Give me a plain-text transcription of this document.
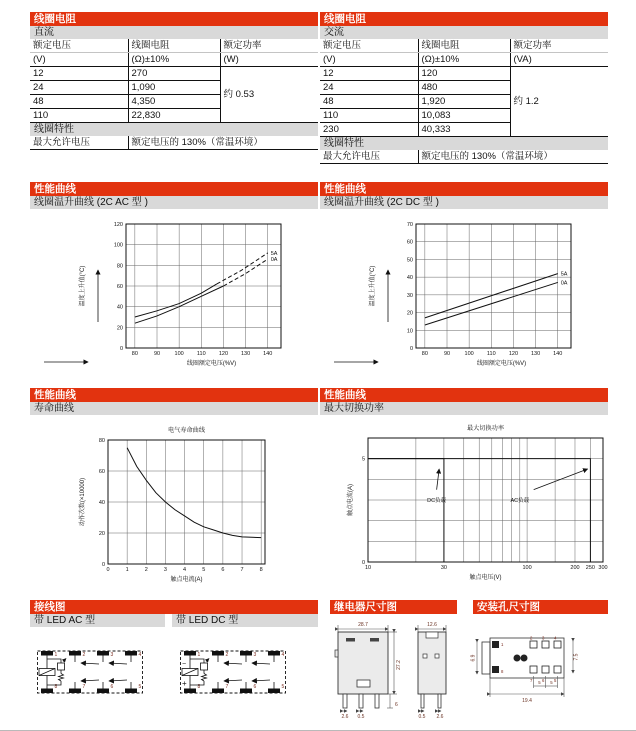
线圈电阻
直流
额定电压	线圈电阻	额定功率
(V)	(Ω)±10%	(W)
12	270	约 0.53
24	1,090	
48	4,350	
110	22,830	
线圈特性
最大允许电压	额定电压的 130%（常温环境）
线圈电阻
交流
额定电压	线圈电阻	额定功率
(V)	(Ω)±10%	(VA)
12	120	约 1.2
24	480	
48	1,920	
110	10,083	
230	40,333	
线圈特性
最大允许电压	额定电压的 130%（常温环境）
性能曲线
线圈温升曲线 (2C AC 型 )
80	90	100 110 120 130 140
0
20
40
60
80
100
120
5A
0A
线圈额定电压(%V)
温度上升值(°C)
性能曲线
线圈温升曲线 (2C DC 型 )
80	90	100 110 120 130 140
0
10
20
30
40
50
60
70
5A
0A
线圈额定电压(%V)
温度上升值(°C)
性能曲线
寿命曲线
0	1	2	3	4	5	6	7	8
0
20
40
60
80
电气寿命曲线
触点电流(A)
动作次数(×10000)
性能曲线
最大切换功率
10	30	100	200 250 300
0
5
DC负载	AC负载
最大切换功率
触点电压(V)
触点电流(A)
接线图
带 LED AC 型	带 LED DC 型
1	2	3	4
8	7	6	5
1	2	3	4
8	7	6	5
−
+
继电器尺寸图
28.7	12.6
27.2
6
2.6 0.5	0.5 2.6
安装孔尺寸图
1
8
2 3 4
7 6 5
6.9	7.5
19.4
5 5
